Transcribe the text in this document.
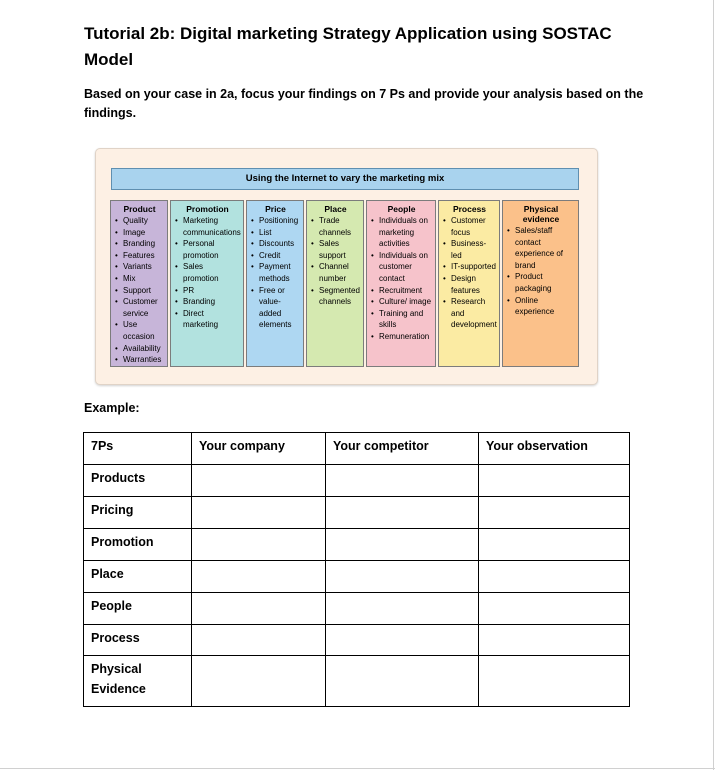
Tutorial 2b: Digital marketing Strategy Application using SOSTAC Model
Based on your case in 2a, focus your findings on 7 Ps and provide your analysis based on the findings.
Using the Internet to vary the marketing mix
Product
• Quality
• Image
• Branding
• Features
• Variants
• Mix
• Support
• Customer service
• Use occasion
• Availability
• Warranties
Promotion
• Marketing communications
• Personal promotion
• Sales promotion
• PR
• Branding
• Direct marketing
Price
• Positioning
• List
• Discounts
• Credit
• Payment methods
• Free or value-added elements
Place
• Trade channels
• Sales support
• Channel number
• Segmented channels
People
• Individuals on marketing activities
• Individuals on customer contact
• Recruitment
• Culture/ image
• Training and skills
• Remuneration
Process
• Customer focus
• Business-led
• IT-supported
• Design features
• Research and development
Physical evidence
• Sales/staff contact experience of brand
• Product packaging
• Online experience
Example:
7Ps	Your company	Your competitor	Your observation
Products			
Pricing			
Promotion			
Place			
People			
Process			
Physical Evidence			
